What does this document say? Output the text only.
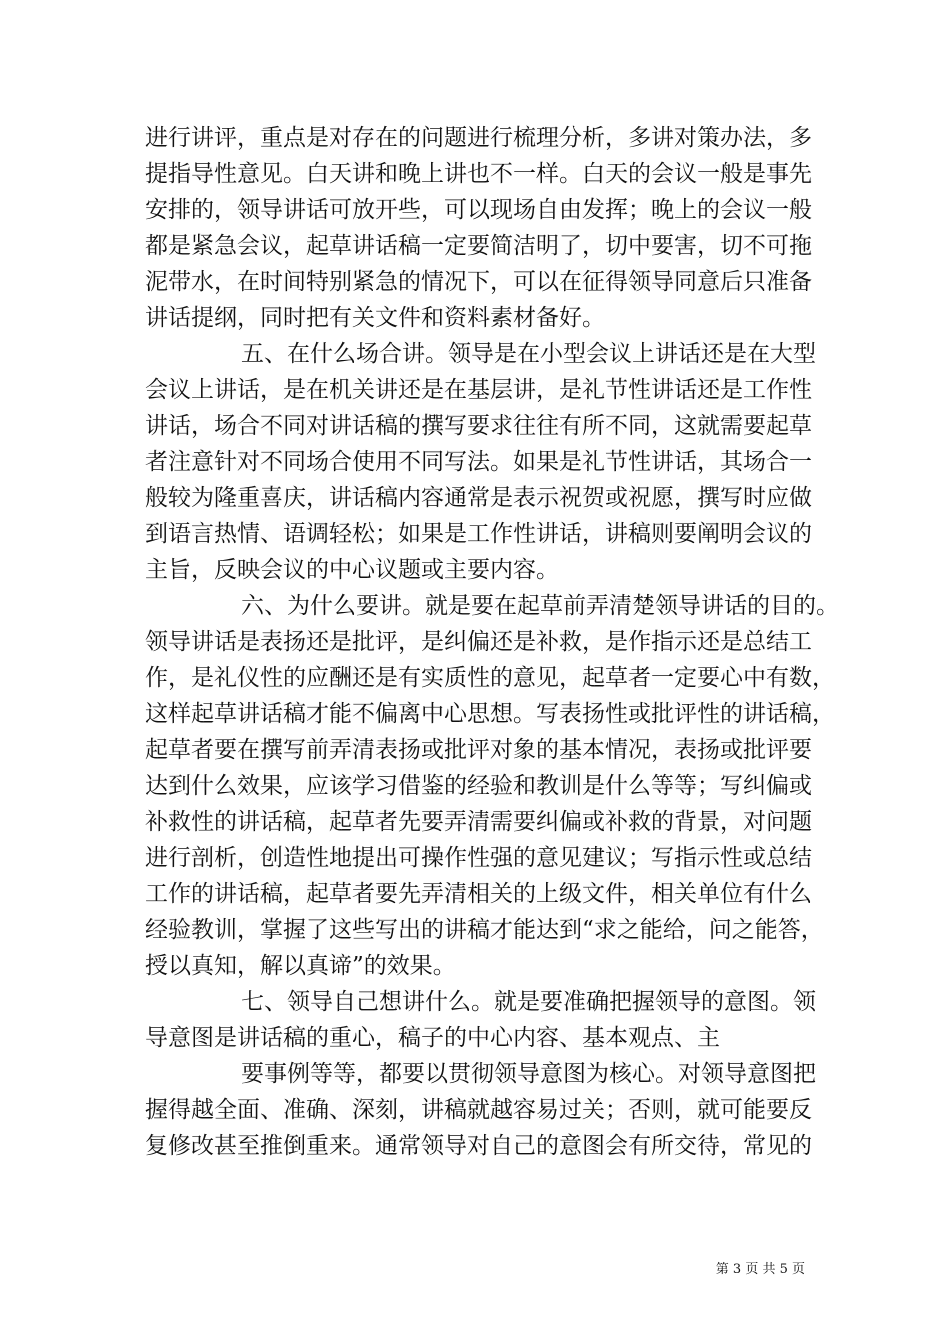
进行讲评，重点是对存在的问题进行梳理分析，多讲对策办法，多
提指导性意见。白天讲和晚上讲也不一样。白天的会议一般是事先
安排的，领导讲话可放开些，可以现场自由发挥；晚上的会议一般
都是紧急会议，起草讲话稿一定要简洁明了，切中要害，切不可拖
泥带水，在时间特别紧急的情况下，可以在征得领导同意后只准备
讲话提纲，同时把有关文件和资料素材备好。
五、在什么场合讲。领导是在小型会议上讲话还是在大型
会议上讲话，是在机关讲还是在基层讲，是礼节性讲话还是工作性
讲话，场合不同对讲话稿的撰写要求往往有所不同，这就需要起草
者注意针对不同场合使用不同写法。如果是礼节性讲话，其场合一
般较为隆重喜庆，讲话稿内容通常是表示祝贺或祝愿，撰写时应做
到语言热情、语调轻松；如果是工作性讲话，讲稿则要阐明会议的
主旨，反映会议的中心议题或主要内容。
六、为什么要讲。就是要在起草前弄清楚领导讲话的目的。
领导讲话是表扬还是批评，是纠偏还是补救，是作指示还是总结工
作，是礼仪性的应酬还是有实质性的意见，起草者一定要心中有数，
这样起草讲话稿才能不偏离中心思想。写表扬性或批评性的讲话稿，
起草者要在撰写前弄清表扬或批评对象的基本情况，表扬或批评要
达到什么效果，应该学习借鉴的经验和教训是什么等等；写纠偏或
补救性的讲话稿，起草者先要弄清需要纠偏或补救的背景，对问题
进行剖析，创造性地提出可操作性强的意见建议；写指示性或总结
工作的讲话稿，起草者要先弄清相关的上级文件，相关单位有什么
经验教训，掌握了这些写出的讲稿才能达到“求之能给，问之能答，
授以真知，解以真谛”的效果。
七、领导自己想讲什么。就是要准确把握领导的意图。领
导意图是讲话稿的重心，稿子的中心内容、基本观点、主
要事例等等，都要以贯彻领导意图为核心。对领导意图把
握得越全面、准确、深刻，讲稿就越容易过关；否则，就可能要反
复修改甚至推倒重来。通常领导对自己的意图会有所交待，常见的
第 3 页 共 5 页
